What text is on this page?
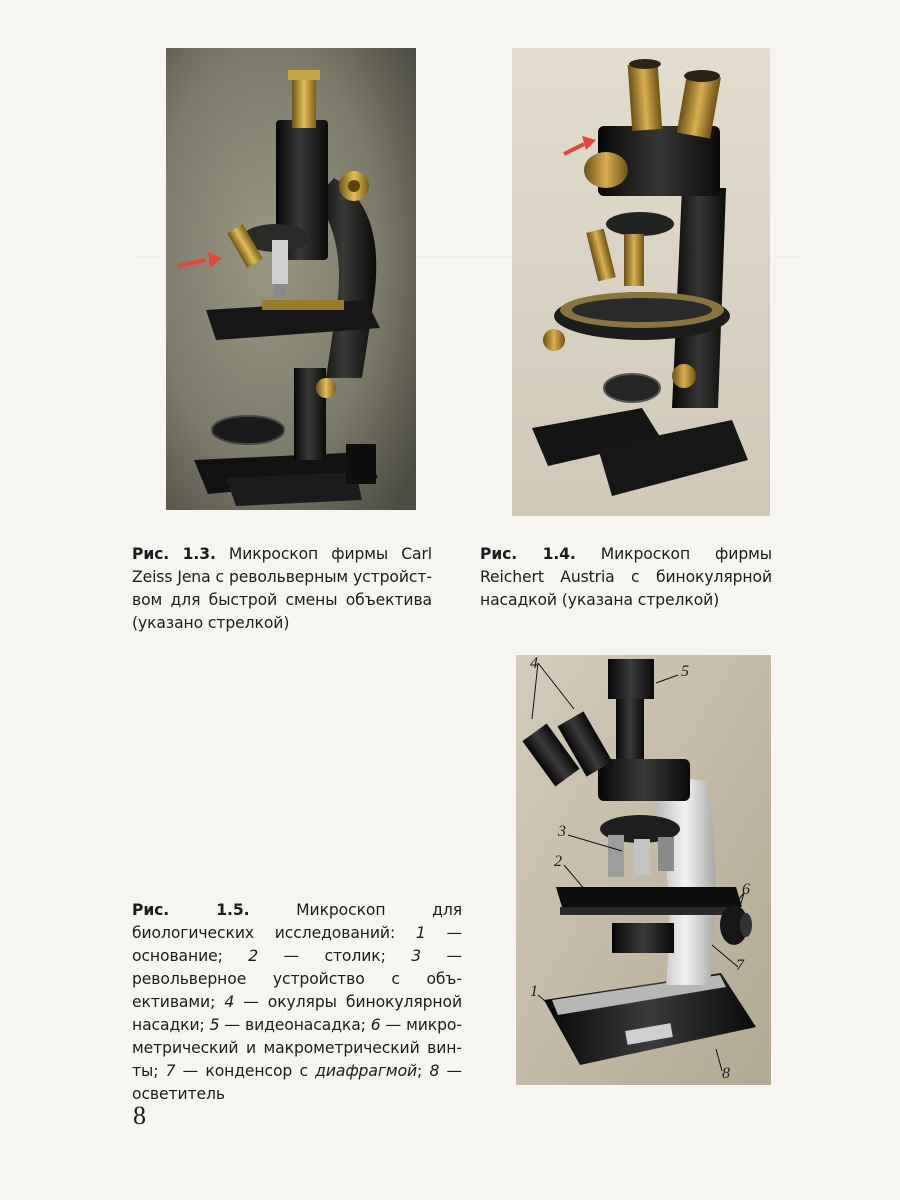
4	5
3
2
6
7
1
8
Рис. 1.3. Микроскоп фирмы Carl Zeiss Jena с револьверным устройством для быстрой смены объектива (указано стрелкой)
Рис. 1.4. Микроскоп фирмы Reichert Austria с бинокулярной насадкой (указана стрелкой)
Рис. 1.5. Микроскоп для биологических исследований: 1 — основание; 2 — столик; 3 — револьверное устройство с объективами; 4 — окуляры бинокулярной насадки; 5 — видеонасадка; 6 — микрометрический и макрометрический винты; 7 — конденсор с диафрагмой; 8 — осветитель
8
